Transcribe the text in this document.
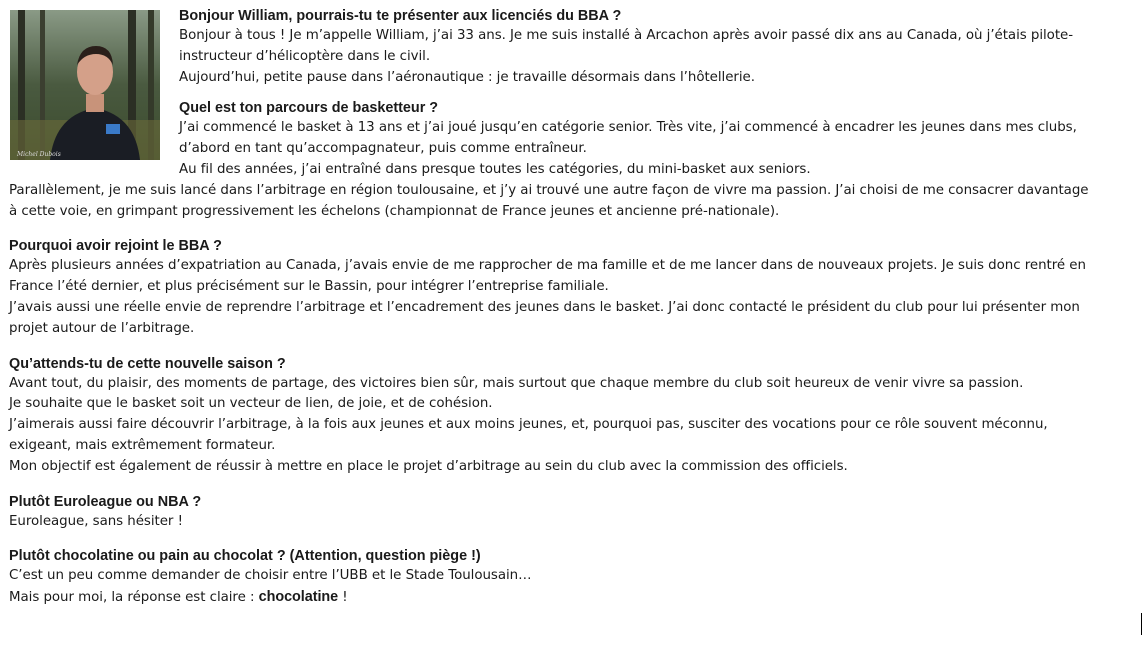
Michel Dubois

Bonjour William, pourrais-tu te présenter aux licenciés du BBA ?

Bonjour à tous ! Je m’appelle William, j’ai 33 ans. Je me suis installé à Arcachon après avoir passé dix ans au Canada, où j’étais pilote-

instructeur d’hélicoptère dans le civil.

Aujourd’hui, petite pause dans l’aéronautique : je travaille désormais dans l’hôtellerie.

Quel est ton parcours de basketteur ?

J’ai commencé le basket à 13 ans et j’ai joué jusqu’en catégorie senior. Très vite, j’ai commencé à encadrer les jeunes dans mes clubs,

d’abord en tant qu’accompagnateur, puis comme entraîneur.

Au fil des années, j’ai entraîné dans presque toutes les catégories, du mini-basket aux seniors.

Parallèlement, je me suis lancé dans l’arbitrage en région toulousaine, et j’y ai trouvé une autre façon de vivre ma passion. J’ai choisi de me consacrer davantage

à cette voie, en grimpant progressivement les échelons (championnat de France jeunes et ancienne pré-nationale).

Pourquoi avoir rejoint le BBA ?

Après plusieurs années d’expatriation au Canada, j’avais envie de me rapprocher de ma famille et de me lancer dans de nouveaux projets. Je suis donc rentré en

France l’été dernier, et plus précisément sur le Bassin, pour intégrer l’entreprise familiale.

J’avais aussi une réelle envie de reprendre l’arbitrage et l’encadrement des jeunes dans le basket. J’ai donc contacté le président du club pour lui présenter mon

projet autour de l’arbitrage.

Qu’attends-tu de cette nouvelle saison ?

Avant tout, du plaisir, des moments de partage, des victoires bien sûr, mais surtout que chaque membre du club soit heureux de venir vivre sa passion.

Je souhaite que le basket soit un vecteur de lien, de joie, et de cohésion.

J’aimerais aussi faire découvrir l’arbitrage, à la fois aux jeunes et aux moins jeunes, et, pourquoi pas, susciter des vocations pour ce rôle souvent méconnu,

exigeant, mais extrêmement formateur.

Mon objectif est également de réussir à mettre en place le projet d’arbitrage au sein du club avec la commission des officiels.

Plutôt Euroleague ou NBA ?

Euroleague, sans hésiter !

Plutôt chocolatine ou pain au chocolat ? (Attention, question piège !)

C’est un peu comme demander de choisir entre l’UBB et le Stade Toulousain…

Mais pour moi, la réponse est claire : chocolatine !
